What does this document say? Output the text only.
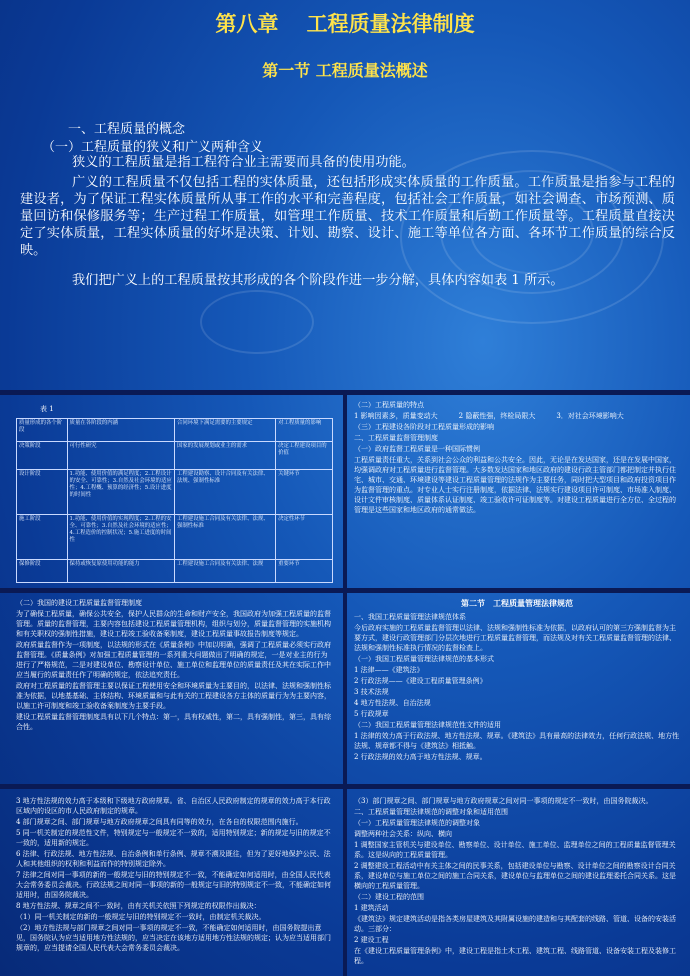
第八章　 工程质量法律制度
第一节 工程质量法概述
一、工程质量的概念
（一）工程质量的狭义和广义两种含义
狭义的工程质量是指工程符合业主需要而具备的使用功能。
广义的工程质量不仅包括工程的实体质量，还包括形成实体质量的工作质量。工作质量是指参与工程的建设者，为了保证工程实体质量所从事工作的水平和完善程度，包括社会工作质量，如社会调查、市场预测、质量回访和保修服务等；生产过程工作质量，如管理工作质量、技术工作质量和后勤工作质量等。工程质量直接决定了实体质量，工程实体质量的好坏是决策、计划、勘察、设计、施工等单位各方面、各环节工作质量的综合反映。
我们把广义上的工程质量按其形成的各个阶段作进一步分解，具体内容如表 1 所示。
表 1
质量形成的各个阶段	质量在各阶段的内涵	合同环境下满足需要的主要规定	对工程质量的影响
决策阶段	可行性研究	国家的发展规划或业主的需求	决定工程建设项目的价值
设计阶段	1.功能、使用价值的满足程度；2.工程设计的安全、可靠性；3.自然及社会环境的适应性；4.工程概、预算的经济性；5.设计进度的时间性	工程建设勘察、设计合同及有关法律、法规、强制性标准	关键环节
施工阶段	1.功能、使用价值的实现程度；2.工程的安全、可靠性；3.自然及社会环境的适应性；4.工程造价的控制状况；5.施工进度的时间性	工程建设施工合同及有关法律、法规、强制性标准	决定性环节
保修阶段	保持或恢复原使用功能的能力	工程建设施工合同及有关法律、法规	重要环节
（二）工程质量的特点
1 影响因素多，质量变动大　　　2 隐蔽性强，终检局限大　　　3．对社会环境影响大
（三）工程建设各阶段对工程质量形成的影响
二、工程质量监督管理制度
（一）政府监督工程质量是一种国际惯例
工程质量责任重大，关系到社会公众的利益和公共安全。因此，无论是在发达国家，还是在发展中国家，均强调政府对工程质量进行监督管理。大多数发达国家和地区政府的建设行政主管部门都把制定并执行住宅、城市、交通、环境建设等建设工程质量管理的法规作为主要任务，同时把大型项目和政府投资项目作为监督管理的重点。对专业人士实行注册制度，依据法律、法规实行建设项目许可制度、市场准入制度、设计文件审核制度、质量体系认证制度、竣工验收许可证制度等。对建设工程质量进行全方位、全过程的管理是这些国家和地区政府的通常做法。
（二）我国的建设工程质量监督管理制度
为了确保工程质量，确保公共安全，保护人民群众的生命和财产安全，我国政府为加强工程质量的监督管理。质量的监督管理，主要内容包括建设工程质量管理机构，组织与划分，质量监督管理的实施机构和有关职权的强制性措施，建设工程竣工验收备案制度，建设工程质量事故报告制度等规定。
政府质量监督作为一项制度，以法规的形式在《质量条例》中加以明确，强调了工程质量必须实行政府监督管理。《质量条例》对加强工程质量管理的一系列重大问题做出了明确的规定，一是对业主的行为进行了严格规范，二是对建设单位、勘察设计单位、施工单位和监理单位的质量责任及其在实际工作中应当履行的质量责任作了明确的规定，依法追究责任。
政府对工程质量的监督管理主要以保证工程使用安全和环境质量为主要目的，以法律、法规和强制性标准为依据，以地基基础、主体结构、环境质量和与此有关的工程建设各方主体的质量行为为主要内容，以施工许可制度和竣工验收备案制度为主要手段。
建设工程质量监督管理制度具有以下几个特点：第一，具有权威性，第二，具有强制性，第三，具有综合性。
第二节　工程质量管理法律规范
一、我国工程质量管理法律规范体系
今后政府实施的工程质量监督管理以法律、法规和强制性标准为依据，以政府认可的第三方强制监督为主要方式，建设行政管理部门分层次地进行工程质量监督管理，而法规及对有关工程质量监督管理的法律、法规和强制性标准执行情况的监督检查上。
（一）我国工程质量管理法律规范的基本形式
1 法律——《建筑法》
2 行政法规——《建设工程质量管理条例》
3 技术法规
4 地方性法规、自治法规
5 行政规章
（二）我国工程质量管理法律规范性文件的适用
1 法律的效力高于行政法规、地方性法规、规章。《建筑法》具有最高的法律效力，任何行政法规、地方性法规、规章都不得与《建筑法》相抵触。
2 行政法规的效力高于地方性法规、规章。
3 地方性法规的效力高于本级和下级地方政府规章。省、自治区人民政府制定的规章的效力高于本行政区域内的设区的市人民政府制定的规章。
4 部门规章之间、部门规章与地方政府规章之间具有同等的效力，在各自的权限范围内施行。
5 同一机关制定的规范性文件，特别规定与一般规定不一致的，适用特别规定；新的规定与旧的规定不一致的，适用新的规定。
6 法律、行政法规、地方性法规、自治条例和单行条例、规章不溯及既往，但为了更好地保护公民、法人和其他组织的权利和利益而作的特别规定除外。
7 法律之间对同一事项的新的一般规定与旧的特别规定不一致，不能确定如何适用时，由全国人民代表大会常务委员会裁决。行政法规之间对同一事项的新的一般规定与旧的特别规定不一致，不能确定如何适用时，由国务院裁决。
8 地方性法规、规章之间不一致时，由有关机关依照下列规定的权限作出裁决：
（1）同一机关制定的新的一般规定与旧的特别规定不一致时，由制定机关裁决。
（2）地方性法规与部门规章之间对同一事项的规定不一致，不能确定如何适用时，由国务院提出意见，国务院认为应当适用地方性法规的，应当决定在该地方适用地方性法规的规定；认为应当适用部门规章的，应当提请全国人民代表大会常务委员会裁决。
（3）部门规章之间、部门规章与地方政府规章之间对同一事项的规定不一致时，由国务院裁决。
二、工程质量管理法律规范的调整对象和适用范围
（一）工程质量管理法律规范的调整对象
调整两种社会关系：纵向、横向
1 调整国家主管机关与建设单位、勘察单位、设计单位、施工单位、监理单位之间的工程质量监督管理关系。这是纵向的工程质量管理。
2 调整建设工程活动中有关主体之间的民事关系，包括建设单位与勘察、设计单位之间的勘察设计合同关系，建设单位与施工单位之间的施工合同关系，建设单位与监理单位之间的建设监理委托合同关系。这是横向的工程质量管理。
（二）建设工程的范围
1 建筑活动
《建筑法》规定建筑活动是指各类房屋建筑及其附属设施的建造和与其配套的线路、管道、设备的安装活动。三部分：
2 建设工程
在《建设工程质量管理条例》中，建设工程是指土木工程、建筑工程、线路管道、设备安装工程及装修工程。
